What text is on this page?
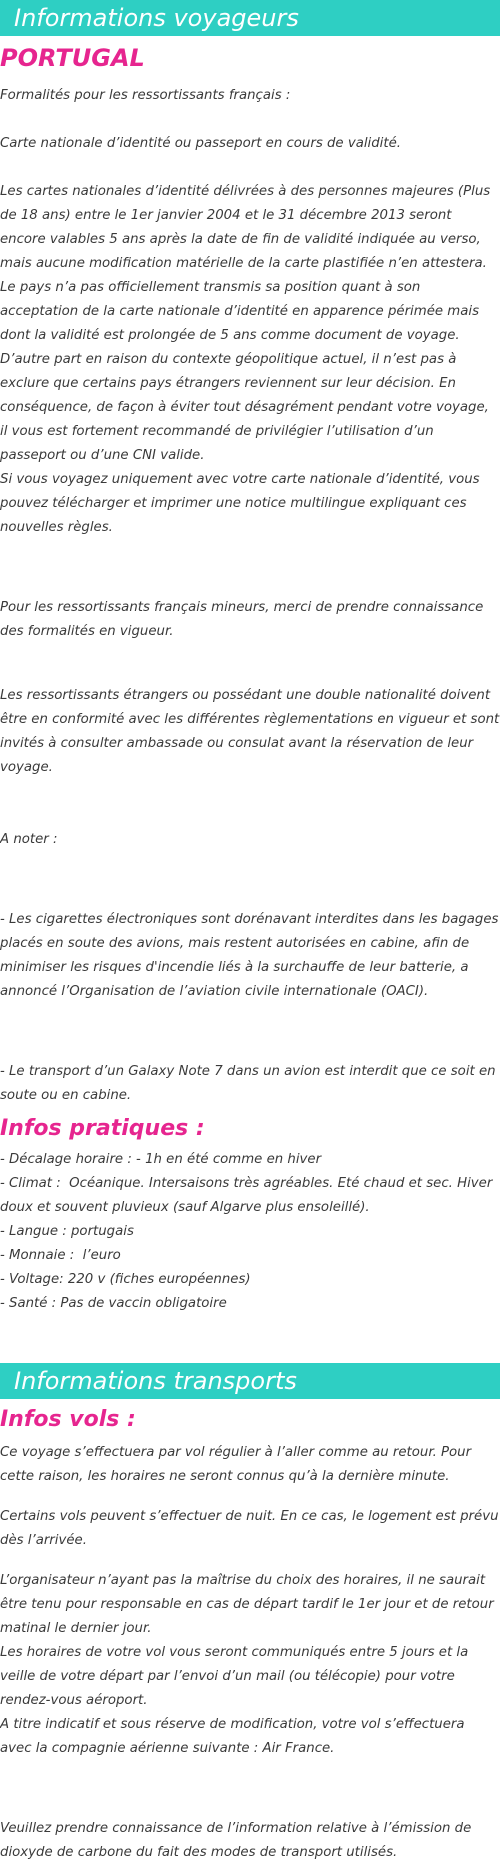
Informations voyageurs
PORTUGAL

Formalités pour les ressortissants français :

Carte nationale d’identité ou passeport en cours de validité.

Les cartes nationales d’identité délivrées à des personnes majeures (Plus de 18 ans) entre le 1er janvier 2004 et le 31 décembre 2013 seront encore valables 5 ans après la date de fin de validité indiquée au verso, mais aucune modification matérielle de la carte plastifiée n’en attestera.

Le pays n’a pas officiellement transmis sa position quant à son acceptation de la carte nationale d’identité en apparence périmée mais dont la validité est prolongée de 5 ans comme document de voyage. D’autre part en raison du contexte géopolitique actuel, il n’est pas à exclure que certains pays étrangers reviennent sur leur décision. En conséquence, de façon à éviter tout désagrément pendant votre voyage, il vous est fortement recommandé de privilégier l’utilisation d’un passeport ou d’une CNI valide.

Si vous voyagez uniquement avec votre carte nationale d’identité, vous pouvez télécharger et imprimer une notice multilingue expliquant ces nouvelles règles.

Pour les ressortissants français mineurs, merci de prendre connaissance des formalités en vigueur.

Les ressortissants étrangers ou possédant une double nationalité doivent être en conformité avec les différentes règlementations en vigueur et sont invités à consulter ambassade ou consulat avant la réservation de leur voyage.

A noter :

- Les cigarettes électroniques sont dorénavant interdites dans les bagages placés en soute des avions, mais restent autorisées en cabine, afin de minimiser les risques d'incendie liés à la surchauffe de leur batterie, a annoncé l’Organisation de l’aviation civile internationale (OACI).

- Le transport d’un Galaxy Note 7 dans un avion est interdit que ce soit en soute ou en cabine.

Infos pratiques :

- Décalage horaire : - 1h en été comme en hiver

- Climat :  Océanique. Intersaisons très agréables. Eté chaud et sec. Hiver doux et souvent pluvieux (sauf Algarve plus ensoleillé).

- Langue : portugais

- Monnaie :  l’euro

- Voltage: 220 v (fiches européennes)

- Santé : Pas de vaccin obligatoire

Informations transports
Infos vols :

Ce voyage s’effectuera par vol régulier à l’aller comme au retour. Pour cette raison, les horaires ne seront connus qu’à la dernière minute.

Certains vols peuvent s’effectuer de nuit. En ce cas, le logement est prévu dès l’arrivée.

L’organisateur n’ayant pas la maîtrise du choix des horaires, il ne saurait être tenu pour responsable en cas de départ tardif le 1er jour et de retour matinal le dernier jour.

Les horaires de votre vol vous seront communiqués entre 5 jours et la veille de votre départ par l’envoi d’un mail (ou télécopie) pour votre rendez-vous aéroport.

A titre indicatif et sous réserve de modification, votre vol s’effectuera avec la compagnie aérienne suivante : Air France.

Veuillez prendre connaissance de l’information relative à l’émission de dioxyde de carbone du fait des modes de transport utilisés.
